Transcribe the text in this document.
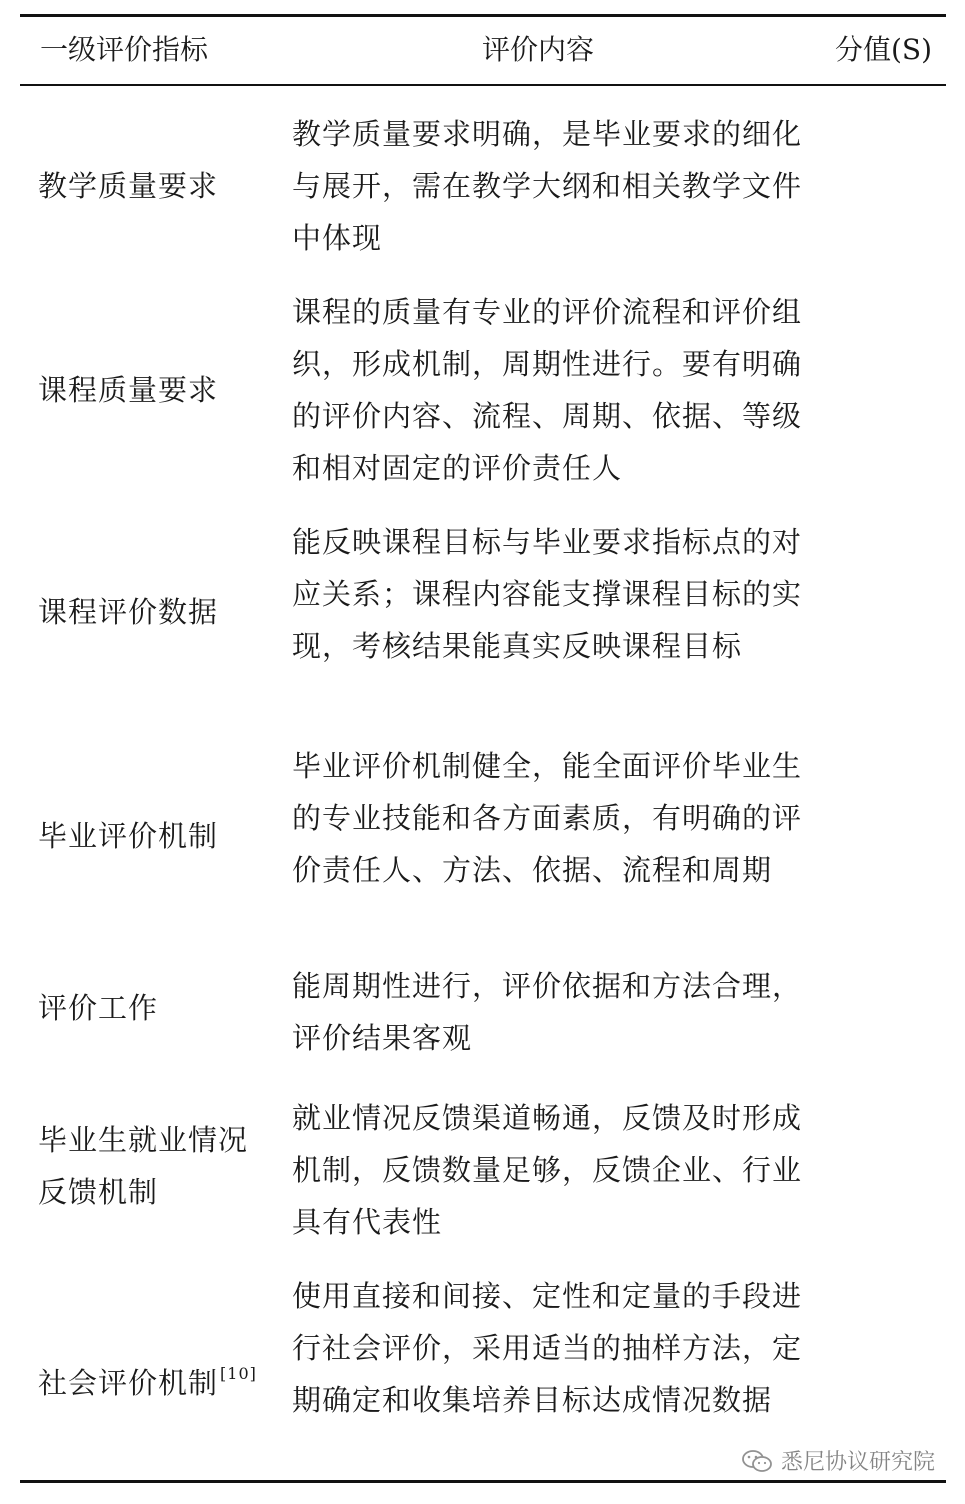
一级评价指标	评价内容	分值(S)
教学质量要求
教学质量要求明确，是毕业要求的细化与展开，需在教学大纲和相关教学文件中体现
课程质量要求
课程的质量有专业的评价流程和评价组织，形成机制，周期性进行。要有明确的评价内容、流程、周期、依据、等级和相对固定的评价责任人
课程评价数据
能反映课程目标与毕业要求指标点的对应关系；课程内容能支撑课程目标的实现，考核结果能真实反映课程目标
毕业评价机制
毕业评价机制健全，能全面评价毕业生的专业技能和各方面素质，有明确的评价责任人、方法、依据、流程和周期
评价工作
能周期性进行，评价依据和方法合理，评价结果客观
毕业生就业情况反馈机制
就业情况反馈渠道畅通，反馈及时形成机制，反馈数量足够，反馈企业、行业具有代表性
社会评价机制 [10]
使用直接和间接、定性和定量的手段进行社会评价，采用适当的抽样方法，定期确定和收集培养目标达成情况数据
悉尼协议研究院
